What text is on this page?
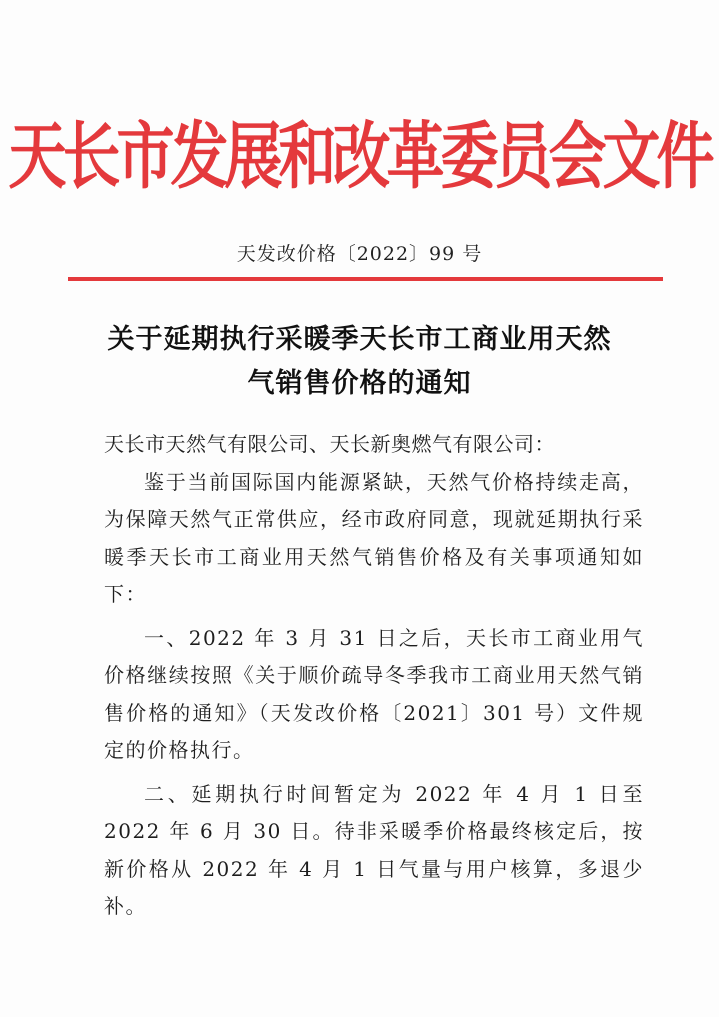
天长市发展和改革委员会文件
天发改价格〔2022〕99 号
关于延期执行采暖季天长市工商业用天然
气销售价格的通知

天长市天然气有限公司、天长新奥燃气有限公司：

鉴于当前国际国内能源紧缺，天然气价格持续走高，为保障天然气正常供应，经市政府同意，现就延期执行采暖季天长市工商业用天然气销售价格及有关事项通知如下：

一、2022 年 3 月 31 日之后，天长市工商业用气价格继续按照《关于顺价疏导冬季我市工商业用天然气销售价格的通知》（天发改价格〔2021〕301 号）文件规定的价格执行。

二、延期执行时间暂定为 2022 年 4 月 1 日至 2022 年 6 月 30 日。待非采暖季价格最终核定后，按新价格从 2022 年 4 月 1 日气量与用户核算，多退少补。
